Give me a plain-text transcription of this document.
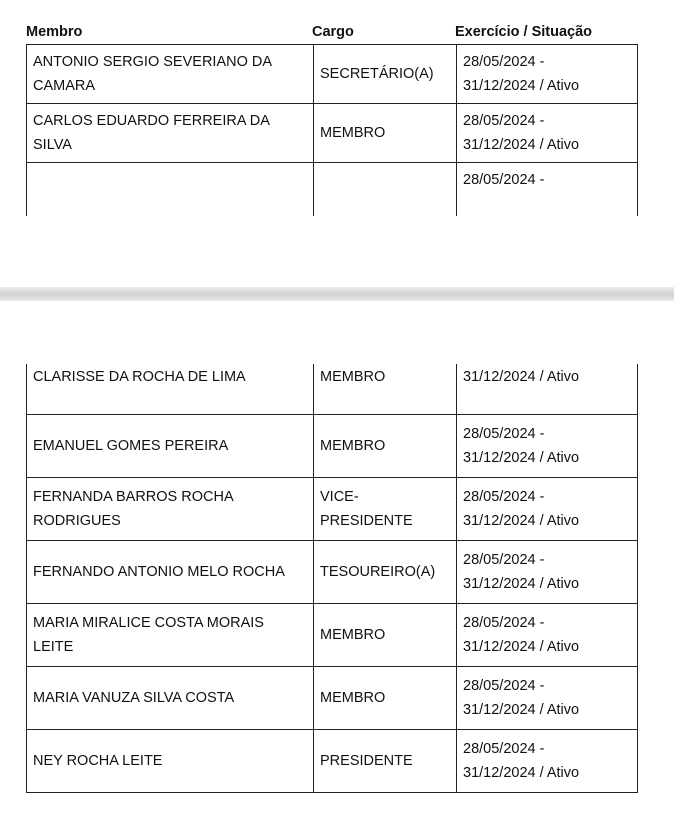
Membro	Cargo	Exercício / Situação
ANTONIO SERGIO SEVERIANO DA CAMARA	SECRETÁRIO(A)	28/05/2024 -
31/12/2024 / Ativo

CARLOS EDUARDO FERREIRA DA SILVA	MEMBRO	28/05/2024 -
31/12/2024 / Ativo

		28/05/2024 -
CLARISSE DA ROCHA DE LIMA	MEMBRO	31/12/2024 / Ativo

EMANUEL GOMES PEREIRA	MEMBRO	28/05/2024 -
31/12/2024 / Ativo

FERNANDA BARROS ROCHA RODRIGUES	VICE-PRESIDENTE	28/05/2024 -
31/12/2024 / Ativo

FERNANDO ANTONIO MELO ROCHA	TESOUREIRO(A)	28/05/2024 -
31/12/2024 / Ativo

MARIA MIRALICE COSTA MORAIS LEITE	MEMBRO	28/05/2024 -
31/12/2024 / Ativo

MARIA VANUZA SILVA COSTA	MEMBRO	28/05/2024 -
31/12/2024 / Ativo

NEY ROCHA LEITE	PRESIDENTE	28/05/2024 -
31/12/2024 / Ativo
